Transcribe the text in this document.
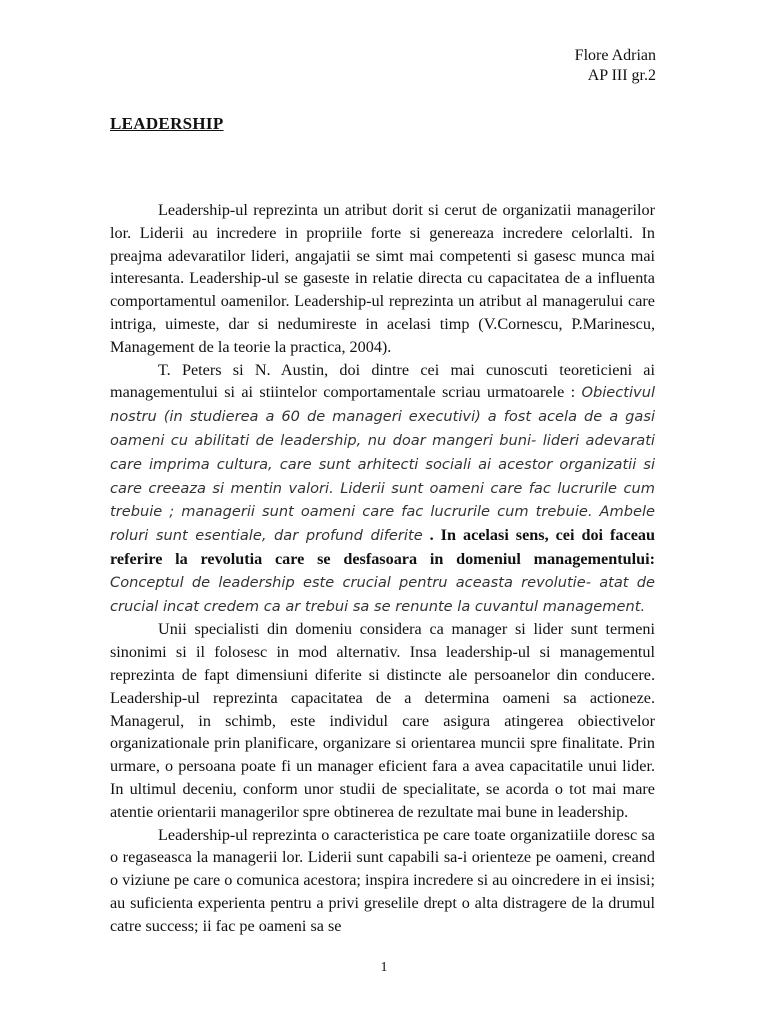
Flore Adrian
AP III gr.2
LEADERSHIP

Leadership-ul reprezinta un atribut dorit si cerut de organizatii managerilor lor. Liderii au incredere in propriile forte si genereaza incredere celorlalti. In preajma adevaratilor lideri, angajatii se simt mai competenti si gasesc munca mai interesanta. Leadership-ul se gaseste in relatie directa cu capacitatea de a influenta comportamentul oamenilor. Leadership-ul reprezinta un atribut al managerului care intriga, uimeste, dar si nedumireste in acelasi timp (V.Cornescu, P.Marinescu, Management de la teorie la practica, 2004).

T. Peters si N. Austin, doi dintre cei mai cunoscuti teoreticieni ai managementului si ai stiintelor comportamentale scriau urmatoarele : Obiectivul nostru (in studierea a 60 de manageri executivi) a fost acela de a gasi oameni cu abilitati de leadership, nu doar mangeri buni- lideri adevarati care imprima cultura, care sunt arhitecti sociali ai acestor organizatii si care creeaza si mentin valori. Liderii sunt oameni care fac lucrurile cum trebuie ; managerii sunt oameni care fac lucrurile cum trebuie. Ambele roluri sunt esentiale, dar profund diferite . In acelasi sens, cei doi faceau referire la revolutia care se desfasoara in domeniul managementului: Conceptul de leadership este crucial pentru aceasta revolutie- atat de crucial incat credem ca ar trebui sa se renunte la cuvantul management.

Unii specialisti din domeniu considera ca manager si lider sunt termeni sinonimi si il folosesc in mod alternativ. Insa leadership-ul si managementul reprezinta de fapt dimensiuni diferite si distincte ale persoanelor din conducere. Leadership-ul reprezinta capacitatea de a determina oameni sa actioneze. Managerul, in schimb, este individul care asigura atingerea obiectivelor organizationale prin planificare, organizare si orientarea muncii spre finalitate. Prin urmare, o persoana poate fi un manager eficient fara a avea capacitatile unui lider. In ultimul deceniu, conform unor studii de specialitate, se acorda o tot mai mare atentie orientarii managerilor spre obtinerea de rezultate mai bune in leadership.

Leadership-ul reprezinta o caracteristica pe care toate organizatiile doresc sa o regaseasca la managerii lor. Liderii sunt capabili sa-i orienteze pe oameni, creand o viziune pe care o comunica acestora; inspira incredere si au oincredere in ei insisi; au suficienta experienta pentru a privi greselile drept o alta distragere de la drumul catre success; ii fac pe oameni sa se

1
